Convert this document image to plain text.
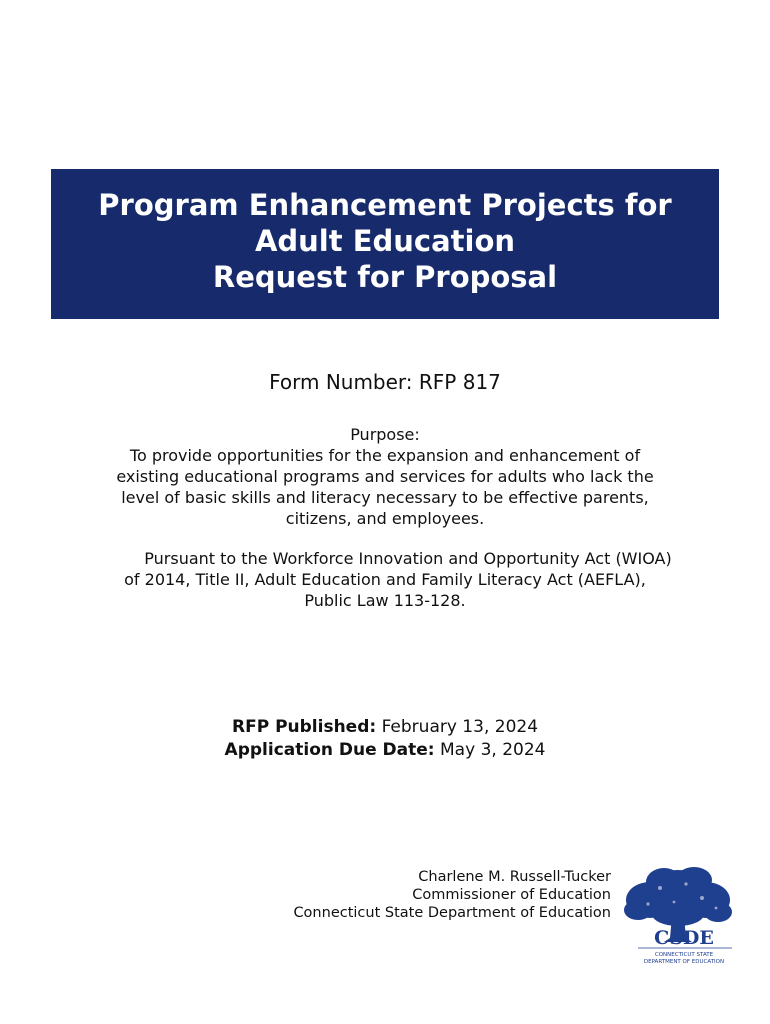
Program Enhancement Projects for
Adult Education
Request for Proposal
Form Number: RFP 817
Purpose:
To provide opportunities for the expansion and enhancement of
existing educational programs and services for adults who lack the
level of basic skills and literacy necessary to be effective parents,
citizens, and employees.
Pursuant to the Workforce Innovation and Opportunity Act (WIOA)
of 2014, Title II, Adult Education and Family Literacy Act (AEFLA),
Public Law 113-128.
RFP Published: February 13, 2024
Application Due Date: May 3, 2024
Charlene M. Russell-Tucker
Commissioner of Education
Connecticut State Department of Education
CSDE
CONNECTICUT STATE
DEPARTMENT OF EDUCATION
